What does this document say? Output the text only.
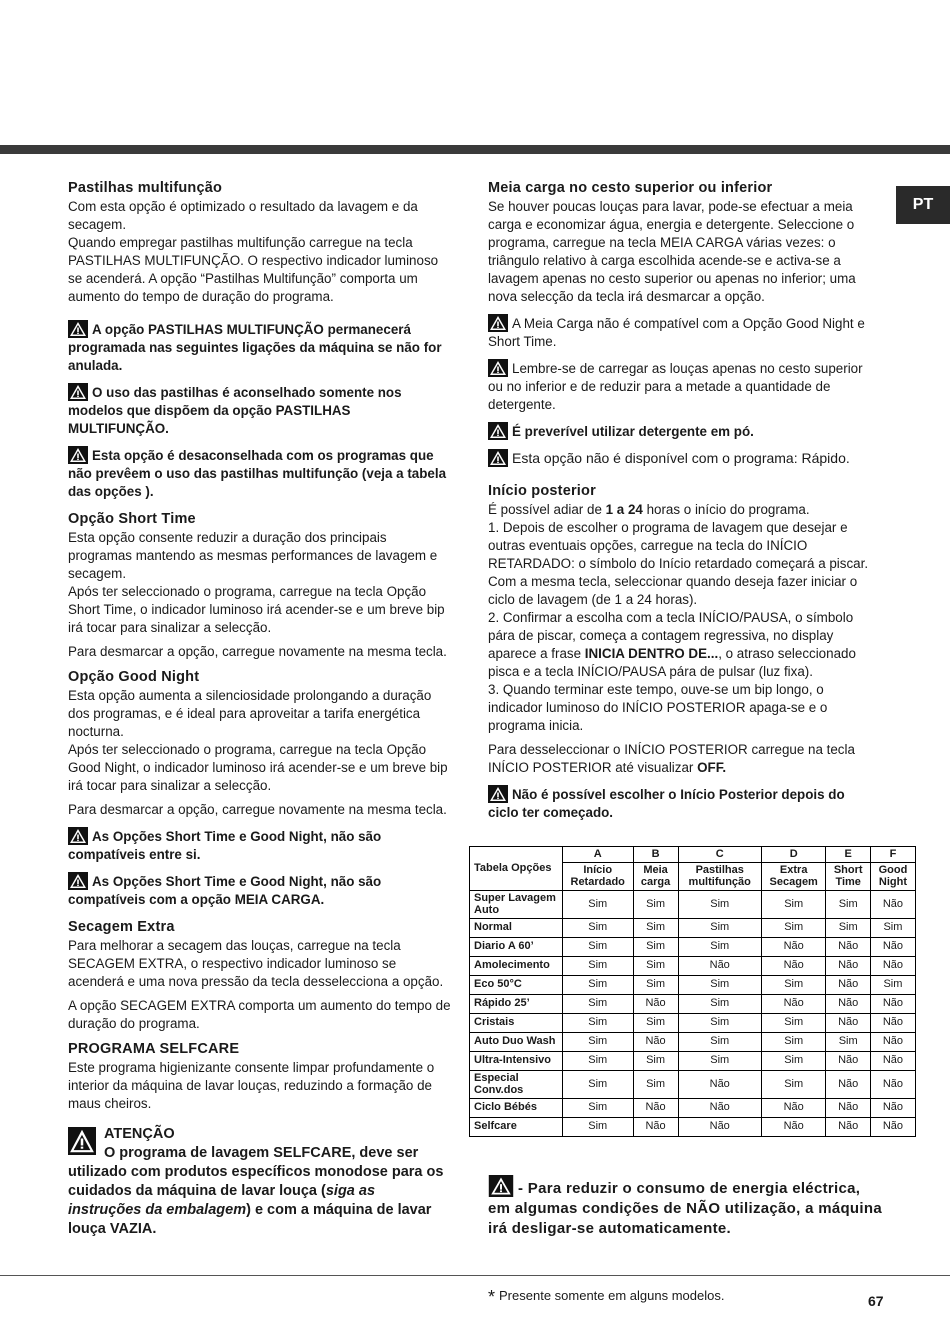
PT
Pastilhas multifunção

Com esta opção é optimizado o resultado da lavagem e da secagem.

Quando empregar pastilhas multifunção carregue na tecla PASTILHAS MULTIFUNÇÃO. O respectivo indicador luminoso se acenderá. A opção “Pastilhas Multifunção” comporta um aumento do tempo de duração do programa.

A opção PASTILHAS MULTIFUNÇÃO permanecerá programada nas seguintes ligações da máquina se não for anulada.

O uso das pastilhas é aconselhado somente nos modelos que dispõem da opção PASTILHAS MULTIFUNÇÃO.

Esta opção é desaconselhada com os programas que não prevêem o uso das pastilhas multifunção (veja a tabela das opções ).

Opção Short Time

Esta opção consente reduzir a duração dos principais programas mantendo as mesmas performances de lavagem e secagem.

Após ter seleccionado o programa, carregue na tecla Opção Short Time, o indicador luminoso irá acender-se e um breve bip irá tocar para sinalizar a selecção.

Para desmarcar a opção, carregue novamente na mesma tecla.

Opção Good Night

Esta opção aumenta a silenciosidade prolongando a duração dos programas, e é ideal para aproveitar a tarifa energética nocturna.

Após ter seleccionado o programa, carregue na tecla Opção Good Night, o indicador luminoso irá acender-se e um breve bip irá tocar para sinalizar a selecção.

Para desmarcar a opção, carregue novamente na mesma tecla.

As Opções Short Time e Good Night, não são compatíveis entre si.

As Opções Short Time e Good Night, não são compatíveis com a opção MEIA CARGA.

Secagem Extra

Para melhorar a secagem das louças, carregue na tecla SECAGEM EXTRA, o respectivo indicador luminoso se acenderá e uma nova pressão da tecla desselecciona a opção.

A opção SECAGEM EXTRA comporta um aumento do tempo de duração do programa.

PROGRAMA SELFCARE

Este programa higienizante consente limpar profundamente o interior da máquina de lavar louças, reduzindo a formação de maus cheiros.

ATENÇÃO
O programa de lavagem SELFCARE, deve ser utilizado com produtos específicos monodose para os cuidados da máquina de lavar louça (siga as instruções da embalagem) e com a máquina de lavar louça VAZIA.
Meia carga no cesto superior ou inferior

Se houver poucas louças para lavar, pode-se efectuar a meia carga e economizar água, energia e detergente. Seleccione o programa, carregue na tecla MEIA CARGA várias vezes: o triângulo relativo à carga escolhida acende-se e activa-se a lavagem apenas no cesto superior ou apenas no inferior; uma nova selecção da tecla irá desmarcar a opção.

A Meia Carga não é compatível com a Opção Good Night e Short Time.

Lembre-se de carregar as louças apenas no cesto superior ou no inferior e de reduzir para a metade a quantidade de detergente.

É preverível utilizar detergente em pó.

Esta opção não é disponível com o programa: Rápido.

Início posterior

É possível adiar de 1 a 24 horas o início do programa.

1. Depois de escolher o programa de lavagem que desejar e outras eventuais opções, carregue na tecla do INÍCIO RETARDADO: o símbolo do Início retardado começará a piscar. Com a mesma tecla, seleccionar quando deseja fazer iniciar o ciclo de lavagem (de 1 a 24 horas).

2. Confirmar a escolha com a tecla INÍCIO/PAUSA, o símbolo pára de piscar, começa a contagem regressiva, no display aparece a frase INICIA DENTRO DE..., o atraso seleccionado pisca e a tecla INÍCIO/PAUSA pára de pulsar (luz fixa).

3. Quando terminar este tempo, ouve-se um bip longo, o indicador luminoso do INÍCIO POSTERIOR apaga-se e o programa inicia.

Para desseleccionar o INÍCIO POSTERIOR carregue na tecla INÍCIO POSTERIOR até visualizar OFF.

Não é possível escolher o Início Posterior depois do ciclo ter começado.

Tabela Opções	A	B	C	D	E	F
	Início Retardado	Meia carga	Pastilhas multifunção	Extra Secagem	Short Time	Good Night
Super Lavagem Auto	Sim	Sim	Sim	Sim	Sim	Não
Normal	Sim	Sim	Sim	Sim	Sim	Sim
Diario A 60’	Sim	Sim	Sim	Não	Não	Não
Amolecimento	Sim	Sim	Não	Não	Não	Não
Eco 50°C	Sim	Sim	Sim	Sim	Não	Sim
Rápido 25’	Sim	Não	Sim	Não	Não	Não
Cristais	Sim	Sim	Sim	Sim	Não	Não
Auto Duo Wash	Sim	Não	Sim	Sim	Sim	Não
Ultra-Intensivo	Sim	Sim	Sim	Sim	Não	Não
Especial Conv.dos	Sim	Sim	Não	Sim	Não	Não
Ciclo Bébés	Sim	Não	Não	Não	Não	Não
Selfcare	Sim	Não	Não	Não	Não	Não
- Para reduzir o consumo de energia eléctrica, em algumas condições de NÃO utilização, a máquina irá desligar-se automaticamente.
* Presente somente em alguns modelos.	67
